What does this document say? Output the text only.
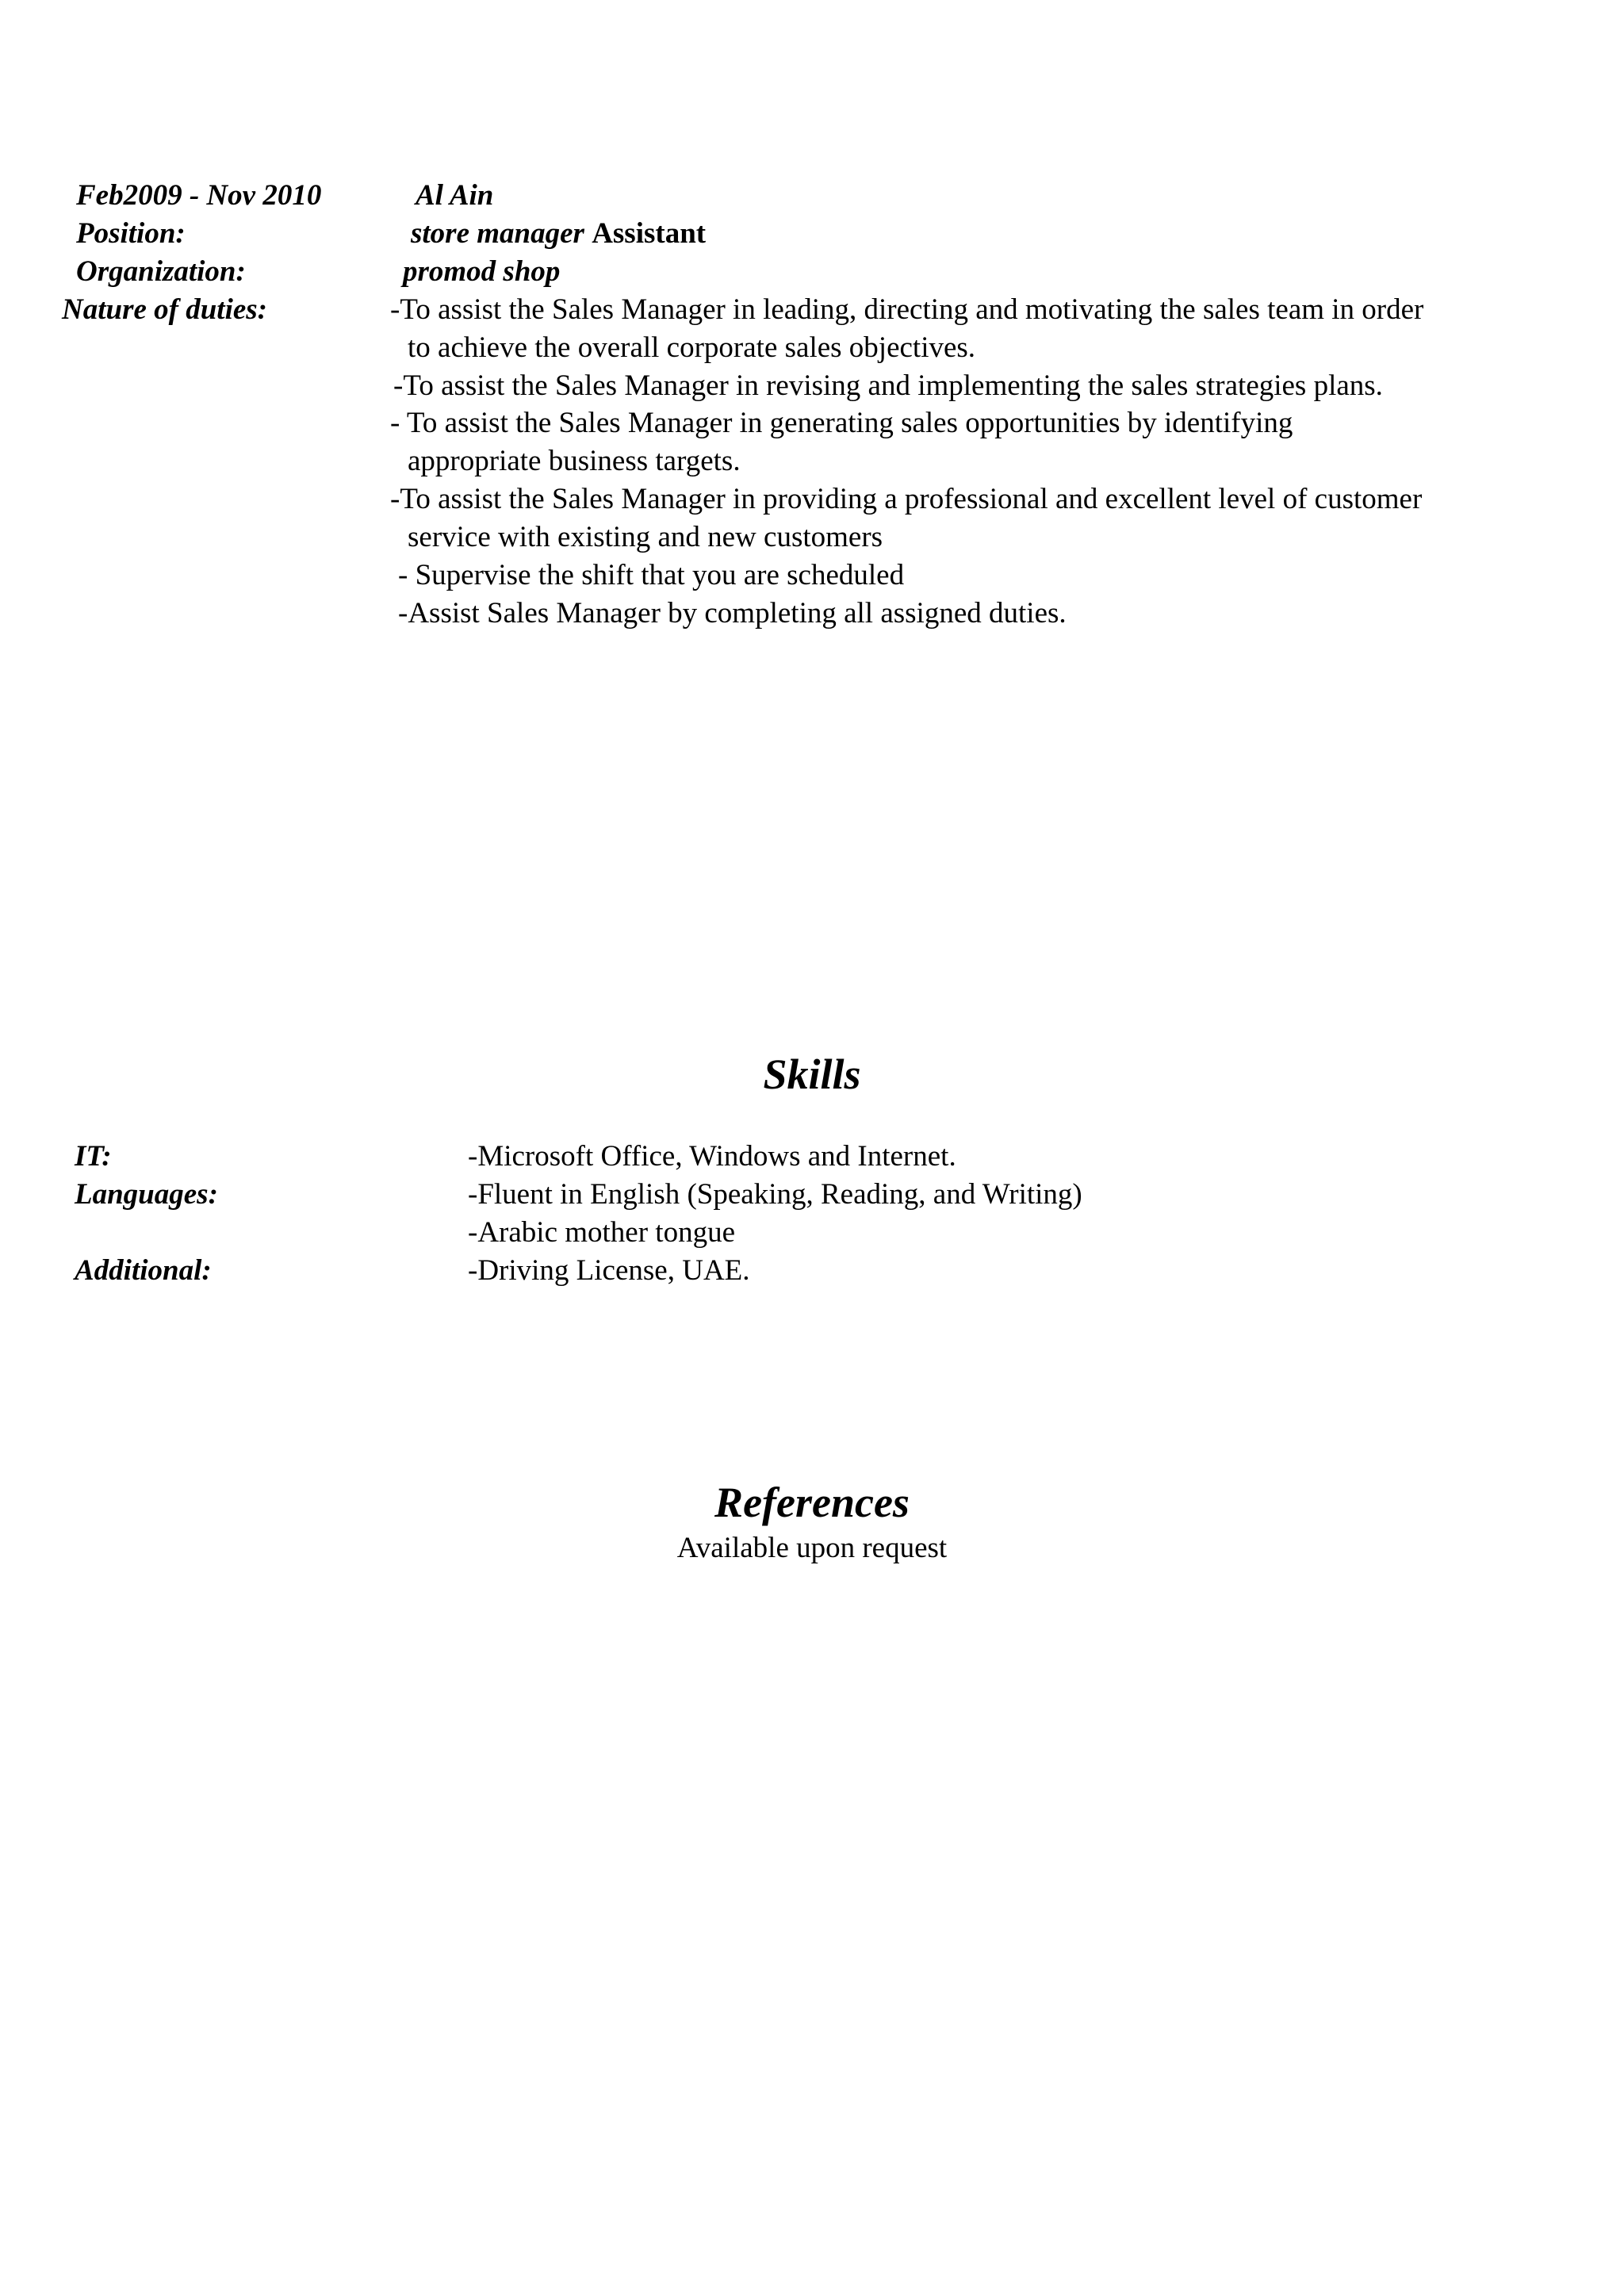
Feb2009 - Nov 2010	Al Ain
Position:	store manager Assistant
Organization:	promod shop
Nature of duties:	-To assist the Sales Manager in leading, directing and motivating the sales team in order
to achieve the overall corporate sales objectives.
-To assist the Sales Manager in revising and implementing the sales strategies plans.
- To assist the Sales Manager in generating sales opportunities by identifying
appropriate business targets.
-To assist the Sales Manager in providing a professional and excellent level of customer
service with existing and new customers
- Supervise the shift that you are scheduled
-Assist Sales Manager by completing all assigned duties.
Skills
IT:	-Microsoft Office, Windows and Internet.
Languages:	-Fluent in English (Speaking, Reading, and Writing)
-Arabic mother tongue
Additional:	-Driving License, UAE.
References
Available upon request
